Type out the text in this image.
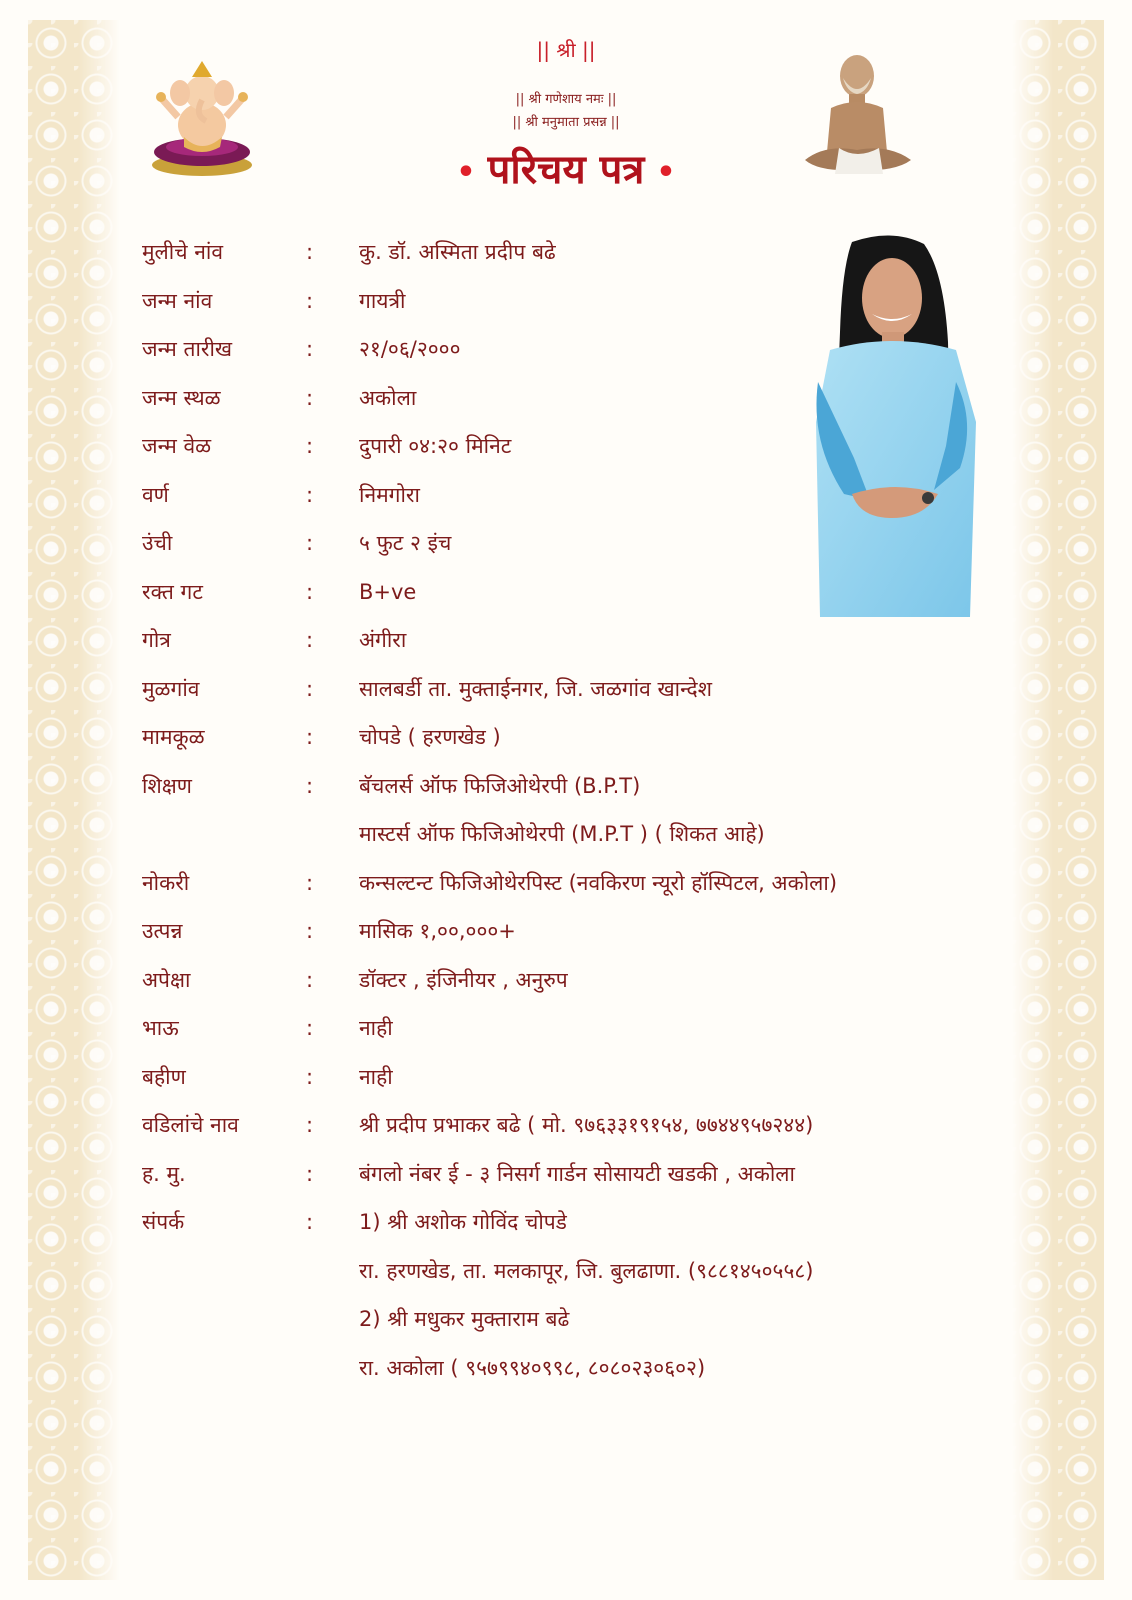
|| श्री ||
|| श्री गणेशाय नमः ||
|| श्री मनुमाता प्रसन्न ||
• परिचय पत्र •
मुलीचे नांव	: कु. डॉ. अस्मिता प्रदीप बढे
जन्म नांव	: गायत्री
जन्म तारीख	: २१/०६/२०००
जन्म स्थळ	: अकोला
जन्म वेळ	: दुपारी ०४:२० मिनिट
वर्ण	: निमगोरा
उंची	: ५ फुट २ इंच
रक्त गट	: B+ve
गोत्र	: अंगीरा
मुळगांव	: सालबर्डी ता. मुक्ताईनगर, जि. जळगांव खान्देश
मामकूळ	: चोपडे ( हरणखेड )
शिक्षण	: बॅचलर्स ऑफ फिजिओथेरपी (B.P.T)
मास्टर्स ऑफ फिजिओथेरपी (M.P.T ) ( शिकत आहे)
नोकरी	: कन्सल्टन्ट फिजिओथेरपिस्ट (नवकिरण न्यूरो हॉस्पिटल, अकोला)
उत्पन्न	: मासिक १,००,०००+
अपेक्षा	: डॉक्टर , इंजिनीयर , अनुरुप
भाऊ	: नाही
बहीण	: नाही
वडिलांचे नाव	: श्री प्रदीप प्रभाकर बढे ( मो. ९७६३३१९१५४, ७७४४९५७२४४)
ह. मु.	: बंगलो नंबर ई - ३ निसर्ग गार्डन सोसायटी खडकी , अकोला
संपर्क	: 1) श्री अशोक गोविंद चोपडे
रा. हरणखेड, ता. मलकापूर, जि. बुलढाणा. (९८८१४५०५५८)
2) श्री मधुकर मुक्ताराम बढे
रा. अकोला ( ९५७९९४०९९८, ८०८०२३०६०२)
